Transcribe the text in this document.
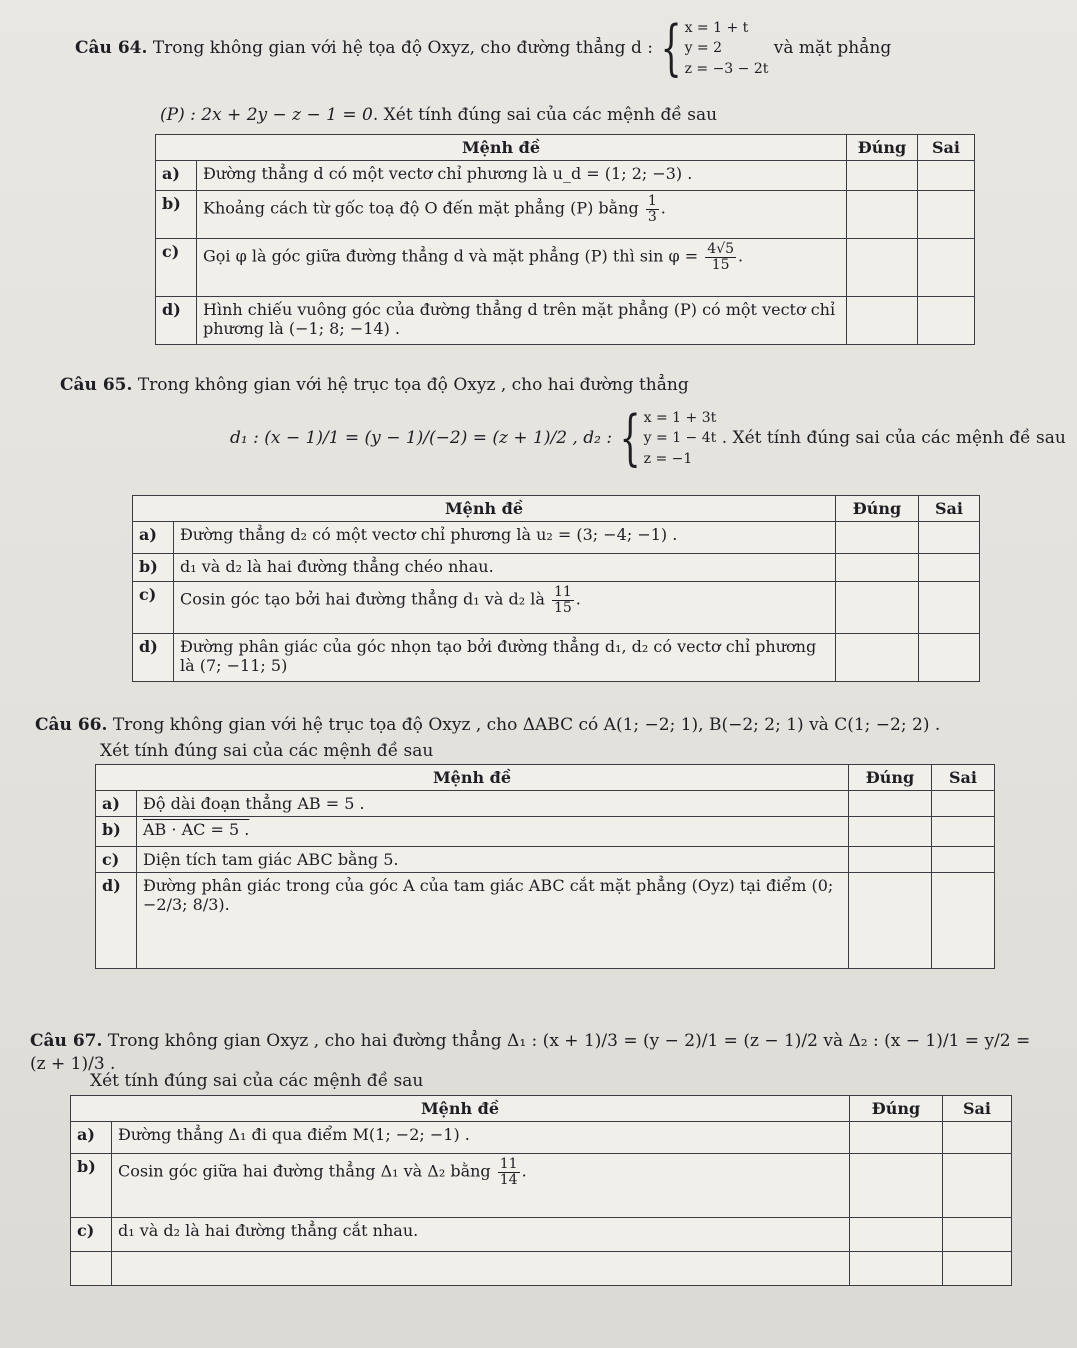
Câu 64. Trong không gian với hệ tọa độ Oxyz, cho đường thẳng d : { x = 1 + t
y = 2
z = −3 − 2t
và mặt phẳng
(P) : 2x + 2y − z − 1 = 0. Xét tính đúng sai của các mệnh đề sau
Mệnh đề		Đúng	Sai
a)	Đường thẳng d có một vectơ chỉ phương là u_d = (1; 2; −3) .		
b)	Khoảng cách từ gốc toạ độ O đến mặt phẳng (P) bằng $\frac{1}{3}$ .		
c)	Gọi φ là góc giữa đường thẳng d và mặt phẳng (P) thì $\sin \varphi = \frac{4√5}{15}$ .		
d)	Hình chiếu vuông góc của đường thẳng d trên mặt phẳng (P) có một vectơ chỉ phương là (−1; 8; −14) .		
Câu 65. Trong không gian với hệ trục tọa độ Oxyz , cho hai đường thẳng
d₁ : (x − 1)/1 = (y − 1)/(−2) = (z + 1)/2 , d₂ : { x = 1 + 3t
y = 1 − 4t
z = −1
. Xét tính đúng sai của các mệnh đề sau
Mệnh đề		Đúng	Sai
a)	Đường thẳng d₂ có một vectơ chỉ phương là u₂ = (3; −4; −1) .		
b)	d₁ và d₂ là hai đường thẳng chéo nhau.		
c)	Cosin góc tạo bởi hai đường thẳng d₁ và d₂ là $\frac{11}{15}$ .		
d)	Đường phân giác của góc nhọn tạo bởi đường thẳng d₁, d₂ có vectơ chỉ phương là (7; −11; 5)		
Câu 66. Trong không gian với hệ trục tọa độ Oxyz , cho ΔABC có A(1; −2; 1), B(−2; 2; 1) và C(1; −2; 2) .
Xét tính đúng sai của các mệnh đề sau
Mệnh đề		Đúng	Sai
a)	Độ dài đoạn thẳng AB = 5 .		
b)	AB · AC = 5 .		
c)	Diện tích tam giác ABC bằng 5.		
d)	Đường phân giác trong của góc A của tam giác ABC cắt mặt phẳng (Oyz) tại điểm (0; −2/3; 8/3).		
Câu 67. Trong không gian Oxyz , cho hai đường thẳng Δ₁ : (x + 1)/3 = (y − 2)/1 = (z − 1)/2 và Δ₂ : (x − 1)/1 = y/2 = (z + 1)/3 .
Xét tính đúng sai của các mệnh đề sau
Mệnh đề		Đúng	Sai
a)	Đường thẳng Δ₁ đi qua điểm M(1; −2; −1) .		
b)	Cosin góc giữa hai đường thẳng Δ₁ và Δ₂ bằng $\frac{11}{14}$ .		
c)	d₁ và d₂ là hai đường thẳng cắt nhau.		
